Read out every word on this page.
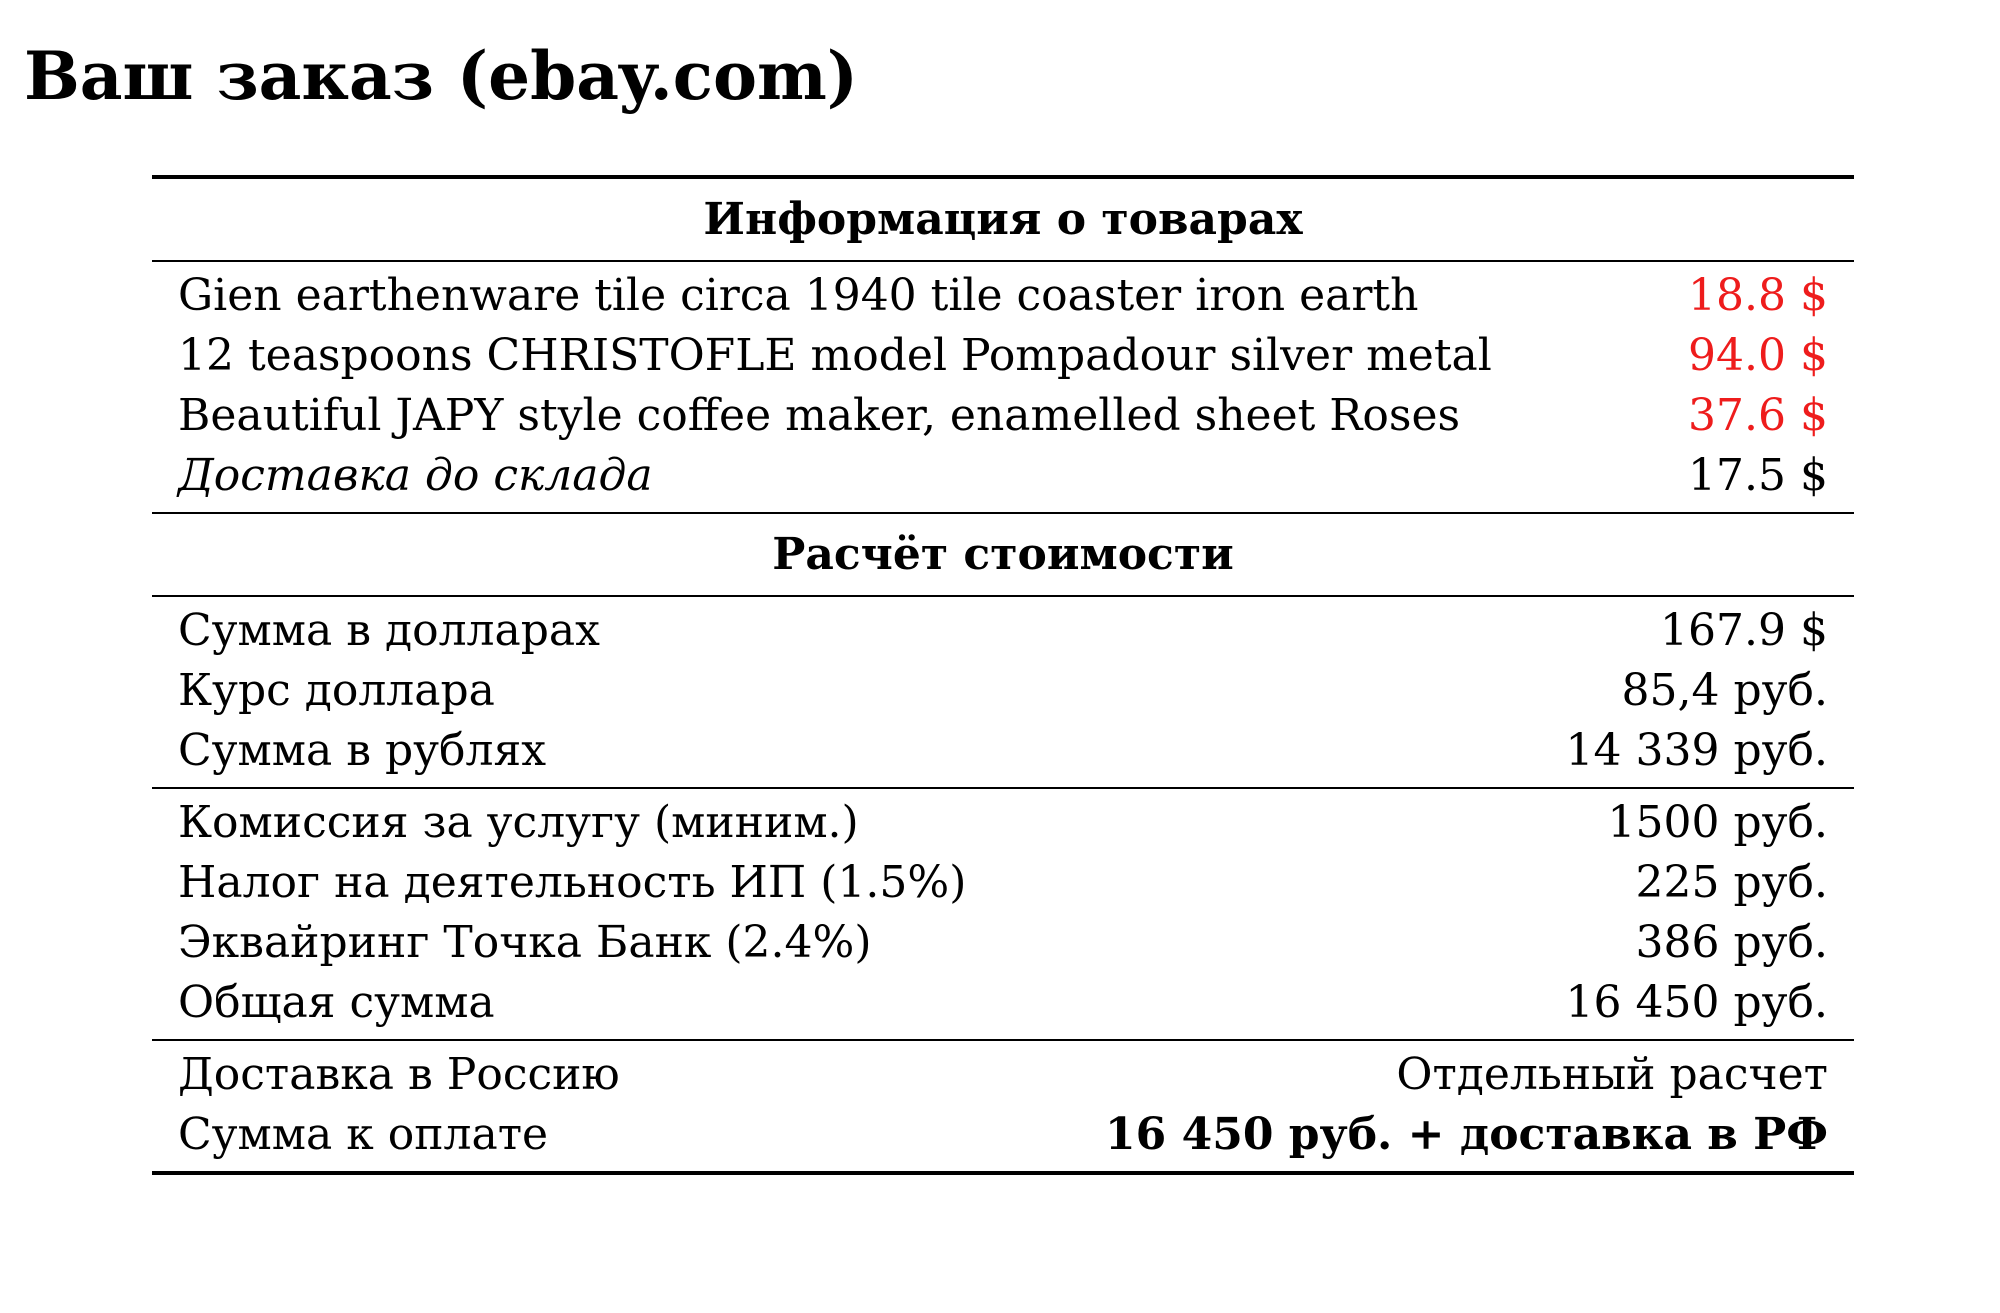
Ваш заказ (ebay.com)
Информация о товарах
Gien earthenware tile circa 1940 tile coaster iron earth	18.8 $
12 teaspoons CHRISTOFLE model Pompadour silver metal	94.0 $
Beautiful JAPY style coffee maker, enamelled sheet Roses	37.6 $
Доставка до склада	17.5 $
Расчёт стоимости
Сумма в долларах	167.9 $
Курс доллара	85,4 руб.
Сумма в рублях	14 339 руб.
Комиссия за услугу (миним.)	1500 руб.
Налог на деятельность ИП (1.5%)	225 руб.
Эквайринг Точка Банк (2.4%)	386 руб.
Общая сумма	16 450 руб.
Доставка в Россию	Отдельный расчет
Сумма к оплате	16 450 руб. + доставка в РФ
